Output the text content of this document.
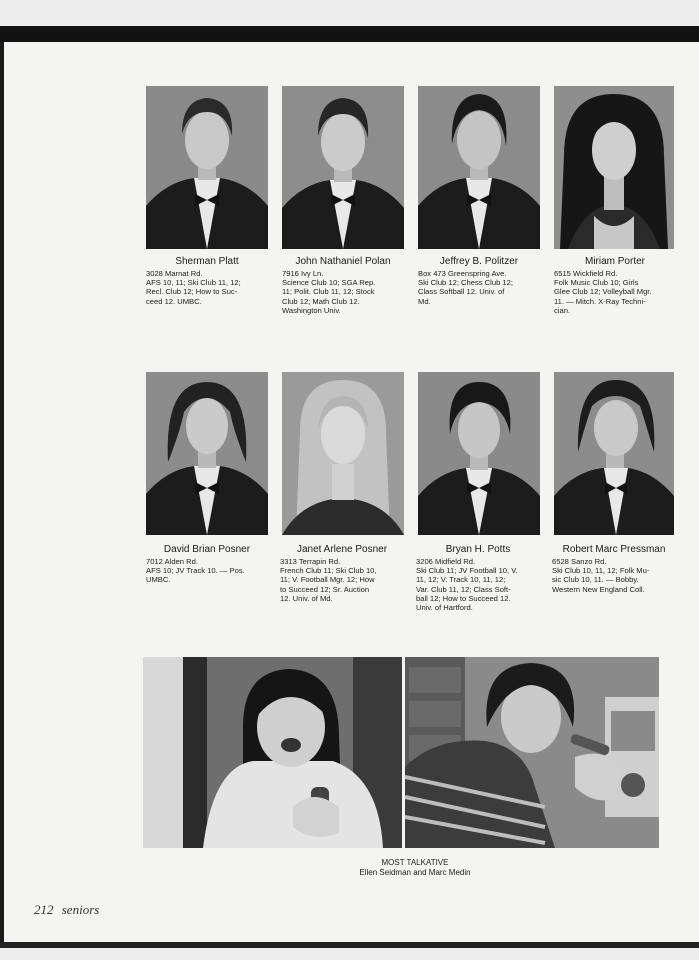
Sherman Platt
3028 Marnat Rd.
AFS 10, 11; Ski Club 11, 12;
Recl. Club 12; How to Suc-
ceed 12. UMBC.
John Nathaniel Polan
7916 Ivy Ln.
Science Club 10; SGA Rep.
11; Polit. Club 11, 12; Stock
Club 12; Math Club 12.
Washington Univ.
Jeffrey B. Politzer
Box 473 Greenspring Ave.
Ski Club 12; Chess Club 12;
Class Softball 12. Univ. of
Md.
Miriam Porter
6515 Wickfield Rd.
Folk Music Club 10; Girls
Glee Club 12; Volleyball Mgr.
11. — Mitch. X-Ray Techni-
cian.
David Brian Posner
7012 Alden Rd.
AFS 10; JV Track 10. — Pos.
UMBC.
Janet Arlene Posner
3313 Terrapin Rd.
French Club 11; Ski Club 10,
11; V. Football Mgr. 12; How
to Succeed 12; Sr. Auction
12. Univ. of Md.
Bryan H. Potts
3206 Midfield Rd.
Ski Club 11; JV Football 10, V.
11, 12; V. Track 10, 11, 12;
Var. Club 11, 12; Class Soft-
ball 12; How to Succeed 12.
Univ. of Hartford.
Robert Marc Pressman
6528 Sanzo Rd.
Ski Club 10, 11, 12; Folk Mu-
sic Club 10, 11. — Bobby.
Western New England Coll.
MOST TALKATIVE
Ellen Seidman and Marc Medin
212 seniors
